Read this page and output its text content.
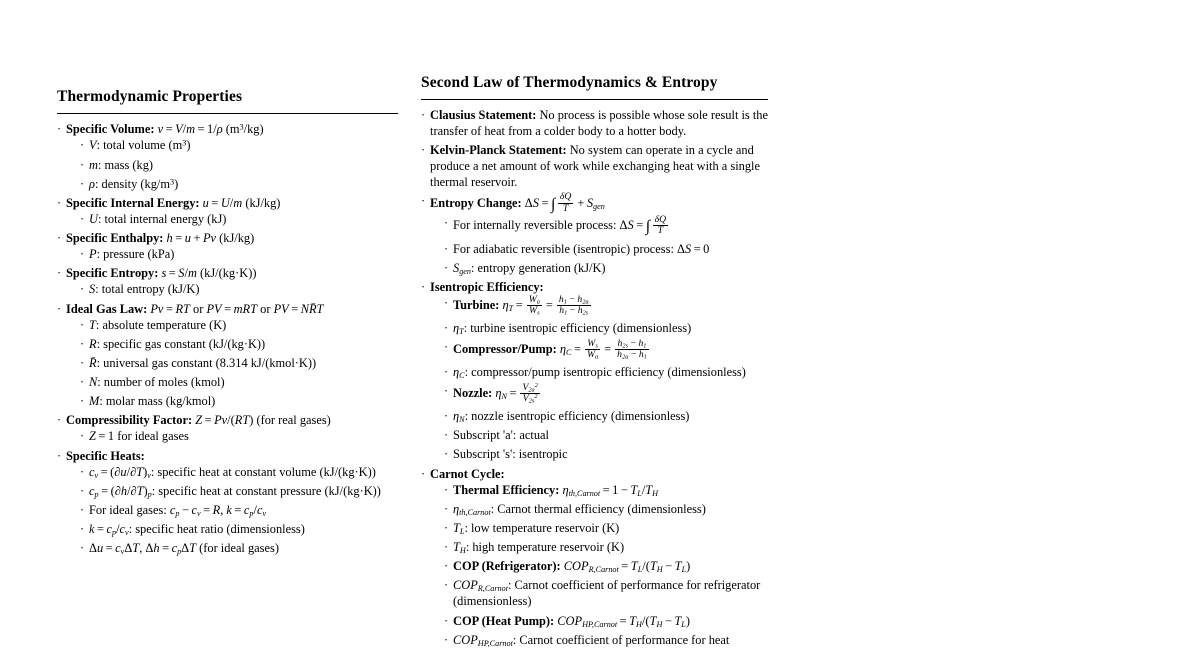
Thermodynamic Properties
· Specific Volume: v = V/m = 1/ρ $(m^3/kg)$
· V: total volume $(m^3)$
· m: mass (kg)
· ρ: density $(kg/m^3)$
· Specific Internal Energy: u = U/m (kJ/kg)
· U: total internal energy (kJ)
· Specific Enthalpy: h = u + Pv (kJ/kg)
· P: pressure (kPa)
· Specific Entropy: s = S/m (kJ/(kg·K))
· S: total entropy (kJ/K)
· Ideal Gas Law: Pv = RT or PV = mRT or PV = NR̄T
· T: absolute temperature (K)
· R: specific gas constant (kJ/(kg·K))
· R̄: universal gas constant (8.314 kJ/(kmol·K))
· N: number of moles (kmol)
· M: molar mass (kg/kmol)
· Compressibility Factor: Z = Pv/(RT) (for real gases)
· Z = 1 for ideal gases
· Specific Heats:
· $c_v = (\partial u/\partial T)_v$: specific heat at constant volume (kJ/(kg·K))
· $c_p = (\partial h/\partial T)_p$: specific heat at constant pressure (kJ/(kg·K))
· For ideal gases: $c_p - c_v = R$, $k = c_p/c_v$
· $k = c_p/c_v$: specific heat ratio (dimensionless)
· $\Delta u = c_v\Delta T$, $\Delta h = c_p\Delta T$ (for ideal gases)
Second Law of Thermodynamics & Entropy
· Clausius Statement: No process is possible whose sole result is the transfer of heat from a colder body to a hotter body.
· Kelvin-Planck Statement: No system can operate in a cycle and produce a net amount of work while exchanging heat with a single thermal reservoir.
· Entropy Change: ΔS = ∫ $\frac{\delta Q}{T} + S_{gen}$
· For internally reversible process: ΔS = ∫ $\frac{\delta Q}{T}$
· For adiabatic reversible (isentropic) process: ΔS = 0
· $S_{gen}$: entropy generation (kJ/K)
· Isentropic Efficiency:
· Turbine: $\eta_T = \frac{W_a}{W_s} = \frac{h_1 - h_{2a}}{h_1 - h_{2s}}$
· $\eta_T$: turbine isentropic efficiency (dimensionless)
· Compressor/Pump: $\eta_C = \frac{W_s}{W_a} = \frac{h_{2s} - h_1}{h_{2a} - h_1}$
· $\eta_C$: compressor/pump isentropic efficiency (dimensionless)
· Nozzle: $\eta_N = \frac{V_{2a}^2}{V_{2s}^2}$
· $\eta_N$: nozzle isentropic efficiency (dimensionless)
· Subscript 'a': actual
· Subscript 's': isentropic
· Carnot Cycle:
· Thermal Efficiency: $\eta_{th,Carnot} = 1 - T_L/T_H$
· $\eta_{th,Carnot}$: Carnot thermal efficiency (dimensionless)
· $T_L$: low temperature reservoir (K)
· $T_H$: high temperature reservoir (K)
· COP (Refrigerator): $COP_{R,Carnot} = T_L/(T_H - T_L)$
· $COP_{R,Carnot}$: Carnot coefficient of performance for refrigerator (dimensionless)
· COP (Heat Pump): $COP_{HP,Carnot} = T_H/(T_H - T_L)$
· $COP_{HP,Carnot}$: Carnot coefficient of performance for heat
